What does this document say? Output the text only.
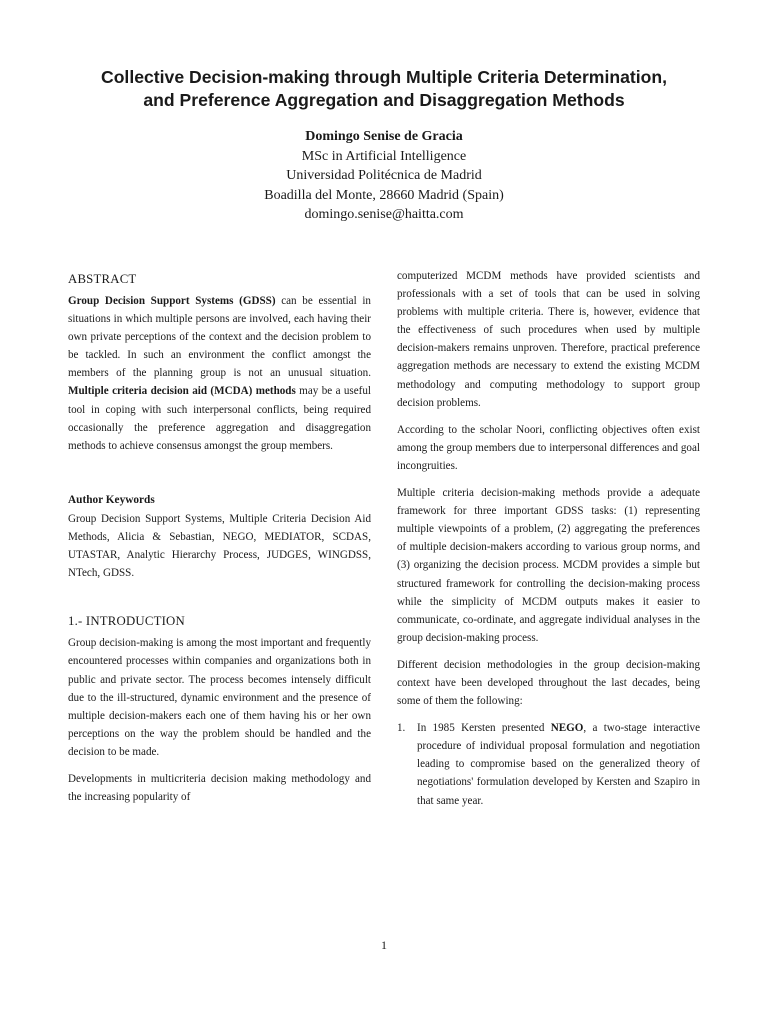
Collective Decision-making through Multiple Criteria Determination,
and Preference Aggregation and Disaggregation Methods
Domingo Senise de Gracia
MSc in Artificial Intelligence
Universidad Politécnica de Madrid
Boadilla del Monte, 28660 Madrid (Spain)
domingo.senise@haitta.com
ABSTRACT

Group Decision Support Systems (GDSS) can be essential in situations in which multiple persons are involved, each having their own private perceptions of the context and the decision problem to be tackled. In such an environment the conflict amongst the members of the planning group is not an unusual situation. Multiple criteria decision aid (MCDA) methods may be a useful tool in coping with such interpersonal conflicts, being required occasionally the preference aggregation and disaggregation methods to achieve consensus amongst the group members.

Author Keywords

Group Decision Support Systems, Multiple Criteria Decision Aid Methods, Alicia & Sebastian, NEGO, MEDIATOR, SCDAS, UTASTAR, Analytic Hierarchy Process, JUDGES, WINGDSS, NTech, GDSS.

1.- INTRODUCTION

Group decision-making is among the most important and frequently encountered processes within companies and organizations both in public and private sector. The process becomes intensely difficult due to the ill-structured, dynamic environment and the presence of multiple decision-makers each one of them having his or her own perceptions on the way the problem should be handled and the decision to be made.

Developments in multicriteria decision making methodology and the increasing popularity of

computerized MCDM methods have provided scientists and professionals with a set of tools that can be used in solving problems with multiple criteria. There is, however, evidence that the effectiveness of such procedures when used by multiple decision-makers remains unproven. Therefore, practical preference aggregation methods are necessary to extend the existing MCDM methodology and computing methodology to support group decision problems.

According to the scholar Noori, conflicting objectives often exist among the group members due to interpersonal differences and goal incongruities.

Multiple criteria decision-making methods provide a adequate framework for three important GDSS tasks: (1) representing multiple viewpoints of a problem, (2) aggregating the preferences of multiple decision-makers according to various group norms, and (3) organizing the decision process. MCDM provides a simple but structured framework for controlling the decision-making process while the simplicity of MCDM outputs makes it easier to communicate, co-ordinate, and aggregate individual analyses in the group decision-making process.

Different decision methodologies in the group decision-making context have been developed throughout the last decades, being some of them the following:

1.	In 1985 Kersten presented NEGO, a two-stage interactive procedure of individual proposal formulation and negotiation leading to compromise based on the generalized theory of negotiations' formulation developed by Kersten and Szapiro in that same year.
1
